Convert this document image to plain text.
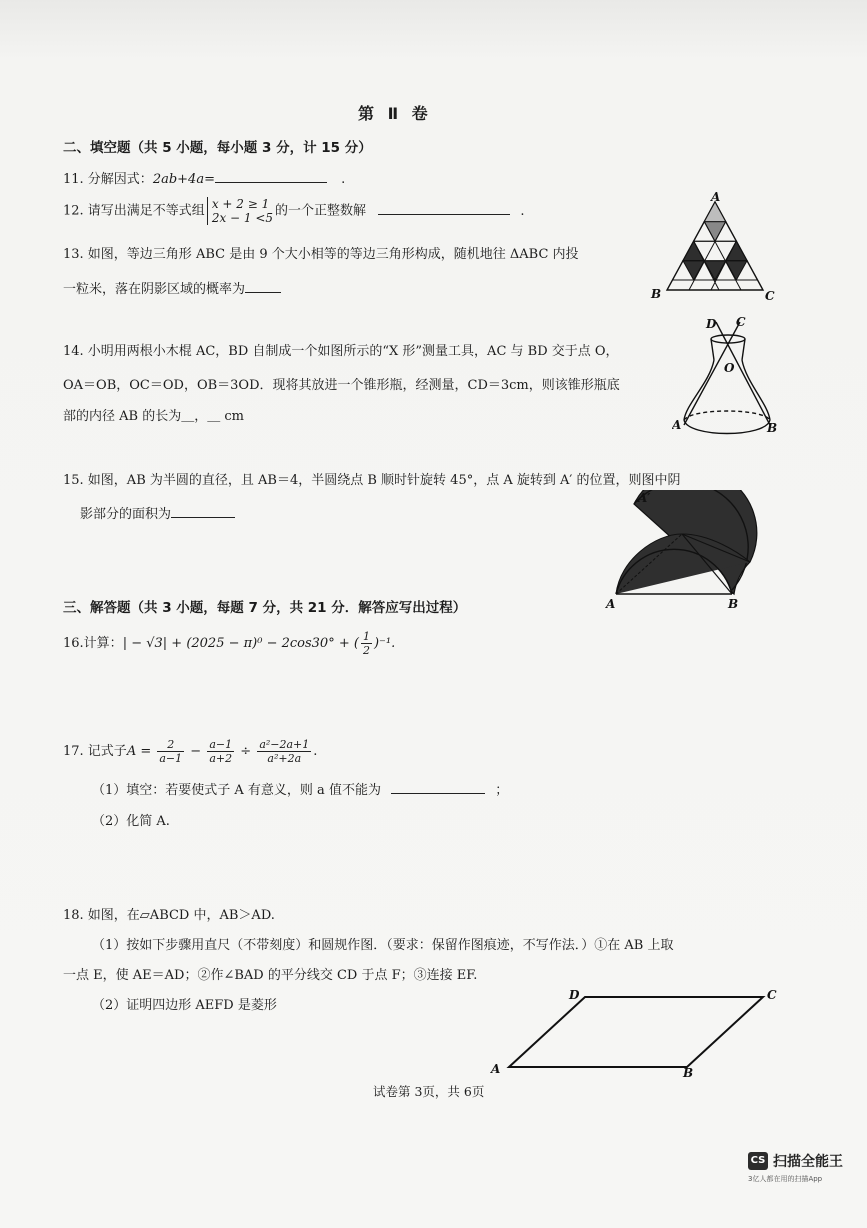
第 Ⅱ 卷
二、填空题（共 5 小题，每小题 3 分，计 15 分）
11. 分解因式：2ab+4a=	.
12. 请写出满足不等式组 x + 2 ≥ 1
2x − 1 <5 的一个正整数解	.
13. 如图，等边三角形 ABC 是由 9 个大小相等的等边三角形构成，随机地往 ΔABC 内投
一粒米，落在阴影区域的概率为
A
B	C
14. 小明用两根小木棍 AC，BD 自制成一个如图所示的“X 形”测量工具，AC 与 BD 交于点 O，
OA＝OB，OC＝OD，OB＝3OD．现将其放进一个锥形瓶，经测量，CD＝3cm，则该锥形瓶底
部的内径 AB 的长为＿，＿ cm
D C
O
A	B
15. 如图，AB 为半圆的直径，且 AB＝4，半圆绕点 B 顺时针旋转 45°，点 A 旋转到 A′ 的位置，则图中阴
影部分的面积为
A′
A	B
三、解答题（共 3 小题，每题 7 分，共 21 分．解答应写出过程）
16.计算：| − √3| + (2025 − π)⁰ − 2cos30° + ( $\frac{1}{2} )^{-1}$.
17. 记式子$A = \frac{2}{a-1} - \frac{a-1}{a+2} \div \frac{\text{a²−2a+1}}{\text{a²+2a}}$ .
（1）填空：若要使式子 A 有意义，则 a 值不能为	；
（2）化简 A.
18. 如图，在▱ABCD 中，AB＞AD.
（1）按如下步骤用直尺（不带刻度）和圆规作图．（要求：保留作图痕迹，不写作法．）①在 AB 上取
一点 E，使 AE＝AD；②作∠BAD 的平分线交 CD 于点 F；③连接 EF.
（2）证明四边形 AEFD 是菱形
D	C
A	B
试卷第 3页，共 6页
CS 扫描全能王
3亿人都在用的扫描App
